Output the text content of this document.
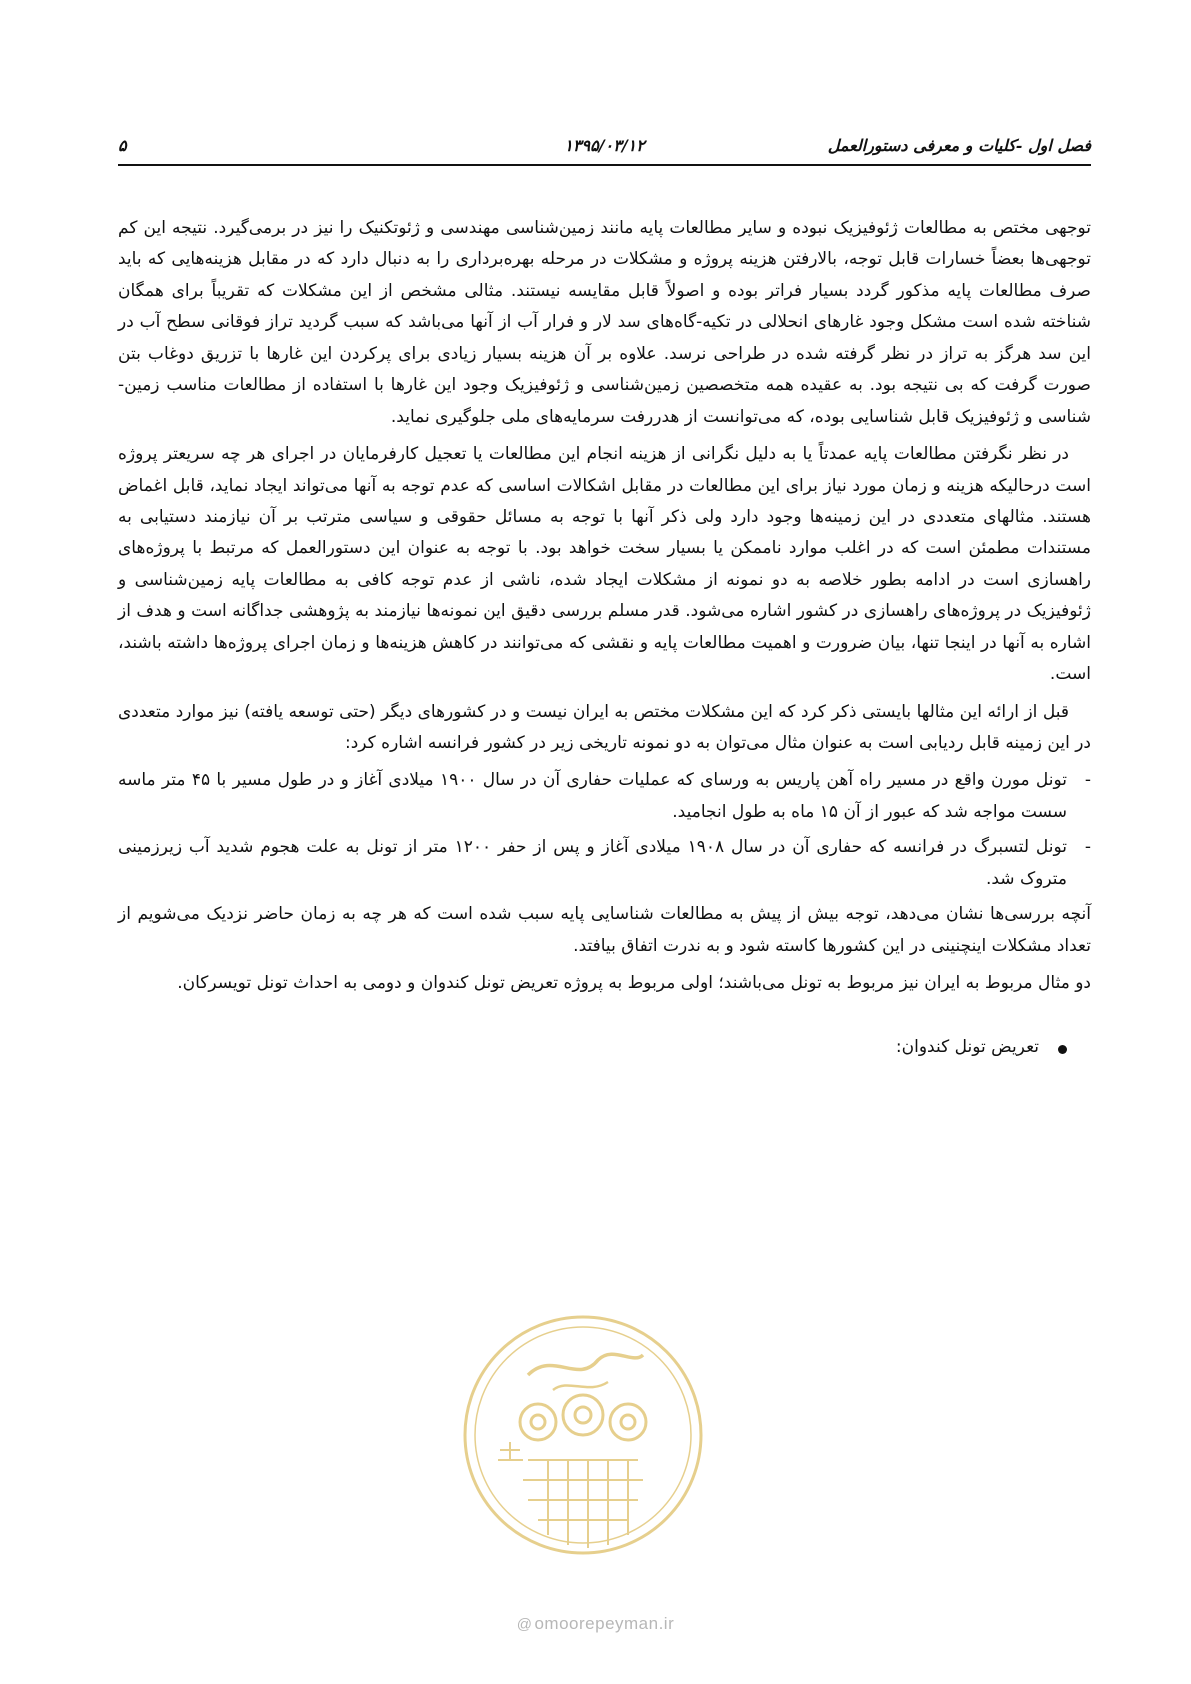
فصل اول -کلیات و معرفی دستورالعمل
۱۳۹۵/۰۳/۱۲
۵

توجهی مختص به مطالعات ژئوفیزیک نبوده و سایر مطالعات پایه مانند زمین‌شناسی مهندسی و ژئوتکنیک را نیز در برمی‌گیرد. نتیجه این کم توجهی‌ها بعضاً خسارات قابل توجه، بالارفتن هزینه پروژه و مشکلات در مرحله بهره‌برداری را به دنبال دارد که در مقابل هزینه‌هایی که باید صرف مطالعات پایه مذکور گردد بسیار فراتر بوده و اصولاً قابل مقایسه نیستند. مثالی مشخص از این مشکلات که تقریباً برای همگان شناخته شده است مشکل وجود غارهای انحلالی در تکیه-گاه‌های سد لار و فرار آب از آنها می‌باشد که سبب گردید تراز فوقانی سطح آب در این سد هرگز به تراز در نظر گرفته شده در طراحی نرسد. علاوه بر آن هزینه بسیار زیادی برای پرکردن این غارها با تزریق دوغاب بتن صورت گرفت که بی نتیجه بود. به عقیده همه متخصصین زمین‌شناسی و ژئوفیزیک وجود این غارها با استفاده از مطالعات مناسب زمین-شناسی و ژئوفیزیک قابل شناسایی بوده، که می‌توانست از هدررفت سرمایه‌های ملی جلوگیری نماید.

در نظر نگرفتن مطالعات پایه عمدتاً یا به دلیل نگرانی از هزینه انجام این مطالعات یا تعجیل کارفرمایان در اجرای هر چه سریعتر پروژه است درحالیکه هزینه و زمان مورد نیاز برای این مطالعات در مقابل اشکالات اساسی که عدم توجه به آنها می‌تواند ایجاد نماید، قابل اغماض هستند. مثالهای متعددی در این زمینه‌ها وجود دارد ولی ذکر آنها با توجه به مسائل حقوقی و سیاسی مترتب بر آن نیازمند دستیابی به مستندات مطمئن است که در اغلب موارد ناممکن یا بسیار سخت خواهد بود. با توجه به عنوان این دستورالعمل که مرتبط با پروژه‌های راهسازی است در ادامه بطور خلاصه به دو نمونه از مشکلات ایجاد شده، ناشی از عدم توجه کافی به مطالعات پایه زمین‌شناسی و ژئوفیزیک در پروژه‌های راهسازی در کشور اشاره می‌شود. قدر مسلم بررسی دقیق این نمونه‌ها نیازمند به پژوهشی جداگانه است و هدف از اشاره به آنها در اینجا تنها، بیان ضرورت و اهمیت مطالعات پایه و نقشی که می‌توانند در کاهش هزینه‌ها و زمان اجرای پروژه‌ها داشته باشند، است.

قبل از ارائه این مثالها بایستی ذکر کرد که این مشکلات مختص به ایران نیست و در کشورهای دیگر (حتی توسعه یافته) نیز موارد متعددی در این زمینه قابل ردیابی است به عنوان مثال می‌توان به دو نمونه تاریخی زیر در کشور فرانسه اشاره کرد:

-
تونل مورن واقع در مسیر راه آهن پاریس به ورسای که عملیات حفاری آن در سال ۱۹۰۰ میلادی آغاز و در طول مسیر با ۴۵ متر ماسه سست مواجه شد که عبور از آن ۱۵ ماه به طول انجامید.
-
تونل لتسبرگ در فرانسه که حفاری آن در سال ۱۹۰۸ میلادی آغاز و پس از حفر ۱۲۰۰ متر از تونل به علت هجوم شدید آب زیرزمینی متروک شد.

آنچه بررسی‌ها نشان می‌دهد، توجه بیش از پیش به مطالعات شناسایی پایه سبب شده است که هر چه به زمان حاضر نزدیک می‌شویم از تعداد مشکلات اینچنینی در این کشورها کاسته شود و به ندرت اتفاق بیافتد.

دو مثال مربوط به ایران نیز مربوط به تونل می‌باشند؛ اولی مربوط به پروژه تعریض تونل کندوان و دومی به احداث تونل تویسرکان.

تعریض تونل کندوان:
@ omoorepeyman.ir
